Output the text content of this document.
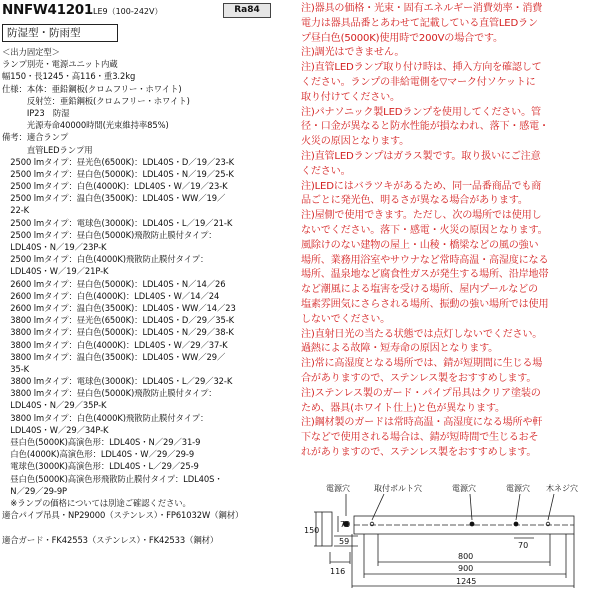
NNFW41201LE9（100-242V）	Ra84
防湿型・防雨型
＜出力固定型＞
ランプ別売・電源ユニット内蔵
幅150・長1245・高116・重3.2kg
仕様：本体：亜鉛鋼板(クロムフリー・ホワイト)
　　　反射笠：亜鉛鋼板(クロムフリー・ホワイト)
　　　IP23　防湿
　　　光源寿命40000時間(光束維持率85%)
備考：適合ランプ
　　　直管LEDランプ用
　2500 lmタイプ：昼光色(6500K)：LDL40S・D／19／23-K
　2500 lmタイプ：昼白色(5000K)：LDL40S・N／19／25-K
　2500 lmタイプ：白色(4000K)：LDL40S・W／19／23-K
　2500 lmタイプ：温白色(3500K)：LDL40S・WW／19／
　22-K
　2500 lmタイプ：電球色(3000K)：LDL40S・L／19／21-K
　2500 lmタイプ：昼白色(5000K)飛散防止膜付タイプ：
　LDL40S・N／19／23P-K
　2500 lmタイプ：白色(4000K)飛散防止膜付タイプ：
　LDL40S・W／19／21P-K
　2600 lmタイプ：昼白色(5000K)：LDL40S・N／14／26
　2600 lmタイプ：白色(4000K)：LDL40S・W／14／24
　2600 lmタイプ：温白色(3500K)：LDL40S・WW／14／23
　3800 lmタイプ：昼光色(6500K)：LDL40S・D／29／35-K
　3800 lmタイプ：昼白色(5000K)：LDL40S・N／29／38-K
　3800 lmタイプ：白色(4000K)：LDL40S・W／29／37-K
　3800 lmタイプ：温白色(3500K)：LDL40S・WW／29／
　35-K
　3800 lmタイプ：電球色(3000K)：LDL40S・L／29／32-K
　3800 lmタイプ：昼白色(5000K)飛散防止膜付タイプ：
　LDL40S・N／29／35P-K
　3800 lmタイプ：白色(4000K)飛散防止膜付タイプ：
　LDL40S・W／29／34P-K
　昼白色(5000K)高演色形：LDL40S・N／29／31-9
　白色(4000K)高演色形：LDL40S・W／29／29-9
　電球色(3000K)高演色形：LDL40S・L／29／25-9
　昼白色(5000K)高演色形飛散防止膜付タイプ：LDL40S・
　N／29／29-9P
　※ランプの価格については別途ご確認ください。
適合パイプ吊具・NP29000（ステンレス）・FP61032W（鋼材）
適合ガード・FK42553（ステンレス）・FK42533（鋼材）
注)器具の価格・光束・固有エネルギー消費効率・消費
電力は器具品番とあわせて記載している直管LEDラン
プ昼白色(5000K)使用時で200Vの場合です。
注)調光はできません。
注)直管LEDランプ取り付け時は、挿入方向を確認して
ください。ランプの非給電側を▽マーク付ソケットに
取り付けてください。
注)パナソニック製LEDランプを使用してください。管
径・口金が異なると防水性能が損なわれ、落下・感電・
火災の原因となります。
注)直管LEDランプはガラス製です。取り扱いにご注意
ください。
注)LEDにはバラツキがあるため、同一品番商品でも商
品ごとに発光色、明るさが異なる場合があります。
注)屋側で使用できます。ただし、次の場所では使用し
ないでください。落下・感電・火災の原因となります。
風除けのない建物の屋上・山稜・橋梁などの風の強い
場所、業務用浴室やサウナなど常時高温・高湿度になる
場所、温泉地など腐食性ガスが発生する場所、沿岸地帯
など潮風による塩害を受ける場所、屋内プールなどの
塩素雰囲気にさらされる場所、振動の強い場所では使用
しないでください。
注)直射日光の当たる状態では点灯しないでください。
過熱による故障・短寿命の原因となります。
注)常に高湿度となる場所では、錆が短期間に生じる場
合がありますので、ステンレス製をおすすめします。
注)ステンレス製のガード・パイプ吊具はクリア塗装の
ため、器具(ホワイト仕上)と色が異なります。
注)鋼材製のガードは常時高温・高湿度になる場所や軒
下などで使用される場合は、錆が短時間で生じるおそ
れがありますので、ステンレス製をおすすめします。
電源穴	取付ボルト穴	電源穴	電源穴 木ネジ穴
150
70
59
116
70
800
900
1245
